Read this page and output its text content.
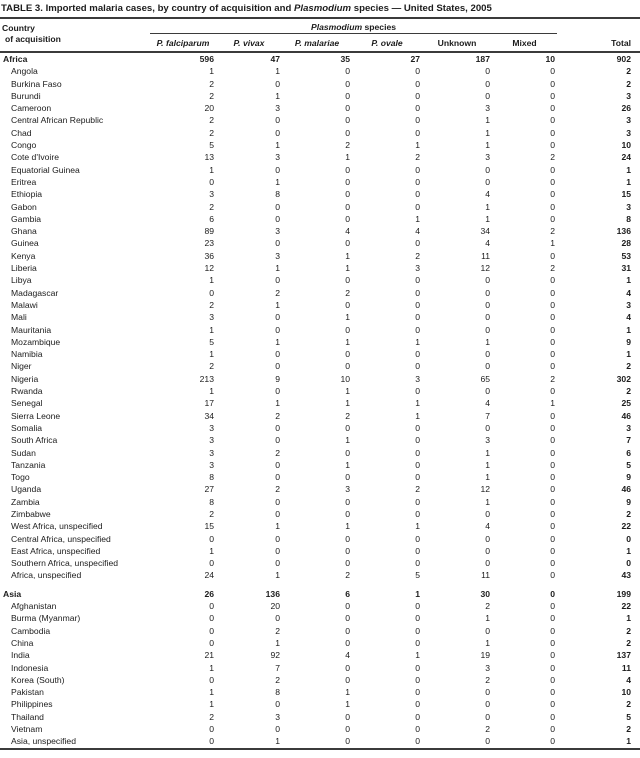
TABLE 3. Imported malaria cases, by country of acquisition and Plasmodium species — United States, 2005
Country
of acquisition	Plasmodium species						Total
	P. falciparum	P. vivax	P. malariae	P. ovale	Unknown	Mixed	
Africa	596	47	35	27	187	10	902
Angola	1	1	0	0	0	0	2
Burkina Faso	2	0	0	0	0	0	2
Burundi	2	1	0	0	0	0	3
Cameroon	20	3	0	0	3	0	26
Central African Republic	2	0	0	0	1	0	3
Chad	2	0	0	0	1	0	3
Congo	5	1	2	1	1	0	10
Cote d'Ivoire	13	3	1	2	3	2	24
Equatorial Guinea	1	0	0	0	0	0	1
Eritrea	0	1	0	0	0	0	1
Ethiopia	3	8	0	0	4	0	15
Gabon	2	0	0	0	1	0	3
Gambia	6	0	0	1	1	0	8
Ghana	89	3	4	4	34	2	136
Guinea	23	0	0	0	4	1	28
Kenya	36	3	1	2	11	0	53
Liberia	12	1	1	3	12	2	31
Libya	1	0	0	0	0	0	1
Madagascar	0	2	2	0	0	0	4
Malawi	2	1	0	0	0	0	3
Mali	3	0	1	0	0	0	4
Mauritania	1	0	0	0	0	0	1
Mozambique	5	1	1	1	1	0	9
Namibia	1	0	0	0	0	0	1
Niger	2	0	0	0	0	0	2
Nigeria	213	9	10	3	65	2	302
Rwanda	1	0	1	0	0	0	2
Senegal	17	1	1	1	4	1	25
Sierra Leone	34	2	2	1	7	0	46
Somalia	3	0	0	0	0	0	3
South Africa	3	0	1	0	3	0	7
Sudan	3	2	0	0	1	0	6
Tanzania	3	0	1	0	1	0	5
Togo	8	0	0	0	1	0	9
Uganda	27	2	3	2	12	0	46
Zambia	8	0	0	0	1	0	9
Zimbabwe	2	0	0	0	0	0	2
West Africa, unspecified	15	1	1	1	4	0	22
Central Africa, unspecified	0	0	0	0	0	0	0
East Africa, unspecified	1	0	0	0	0	0	1
Southern Africa, unspecified	0	0	0	0	0	0	0
Africa, unspecified	24	1	2	5	11	0	43
Asia	26	136	6	1	30	0	199
Afghanistan	0	20	0	0	2	0	22
Burma (Myanmar)	0	0	0	0	1	0	1
Cambodia	0	2	0	0	0	0	2
China	0	1	0	0	1	0	2
India	21	92	4	1	19	0	137
Indonesia	1	7	0	0	3	0	11
Korea (South)	0	2	0	0	2	0	4
Pakistan	1	8	1	0	0	0	10
Philippines	1	0	1	0	0	0	2
Thailand	2	3	0	0	0	0	5
Vietnam	0	0	0	0	2	0	2
Asia, unspecified	0	1	0	0	0	0	1
